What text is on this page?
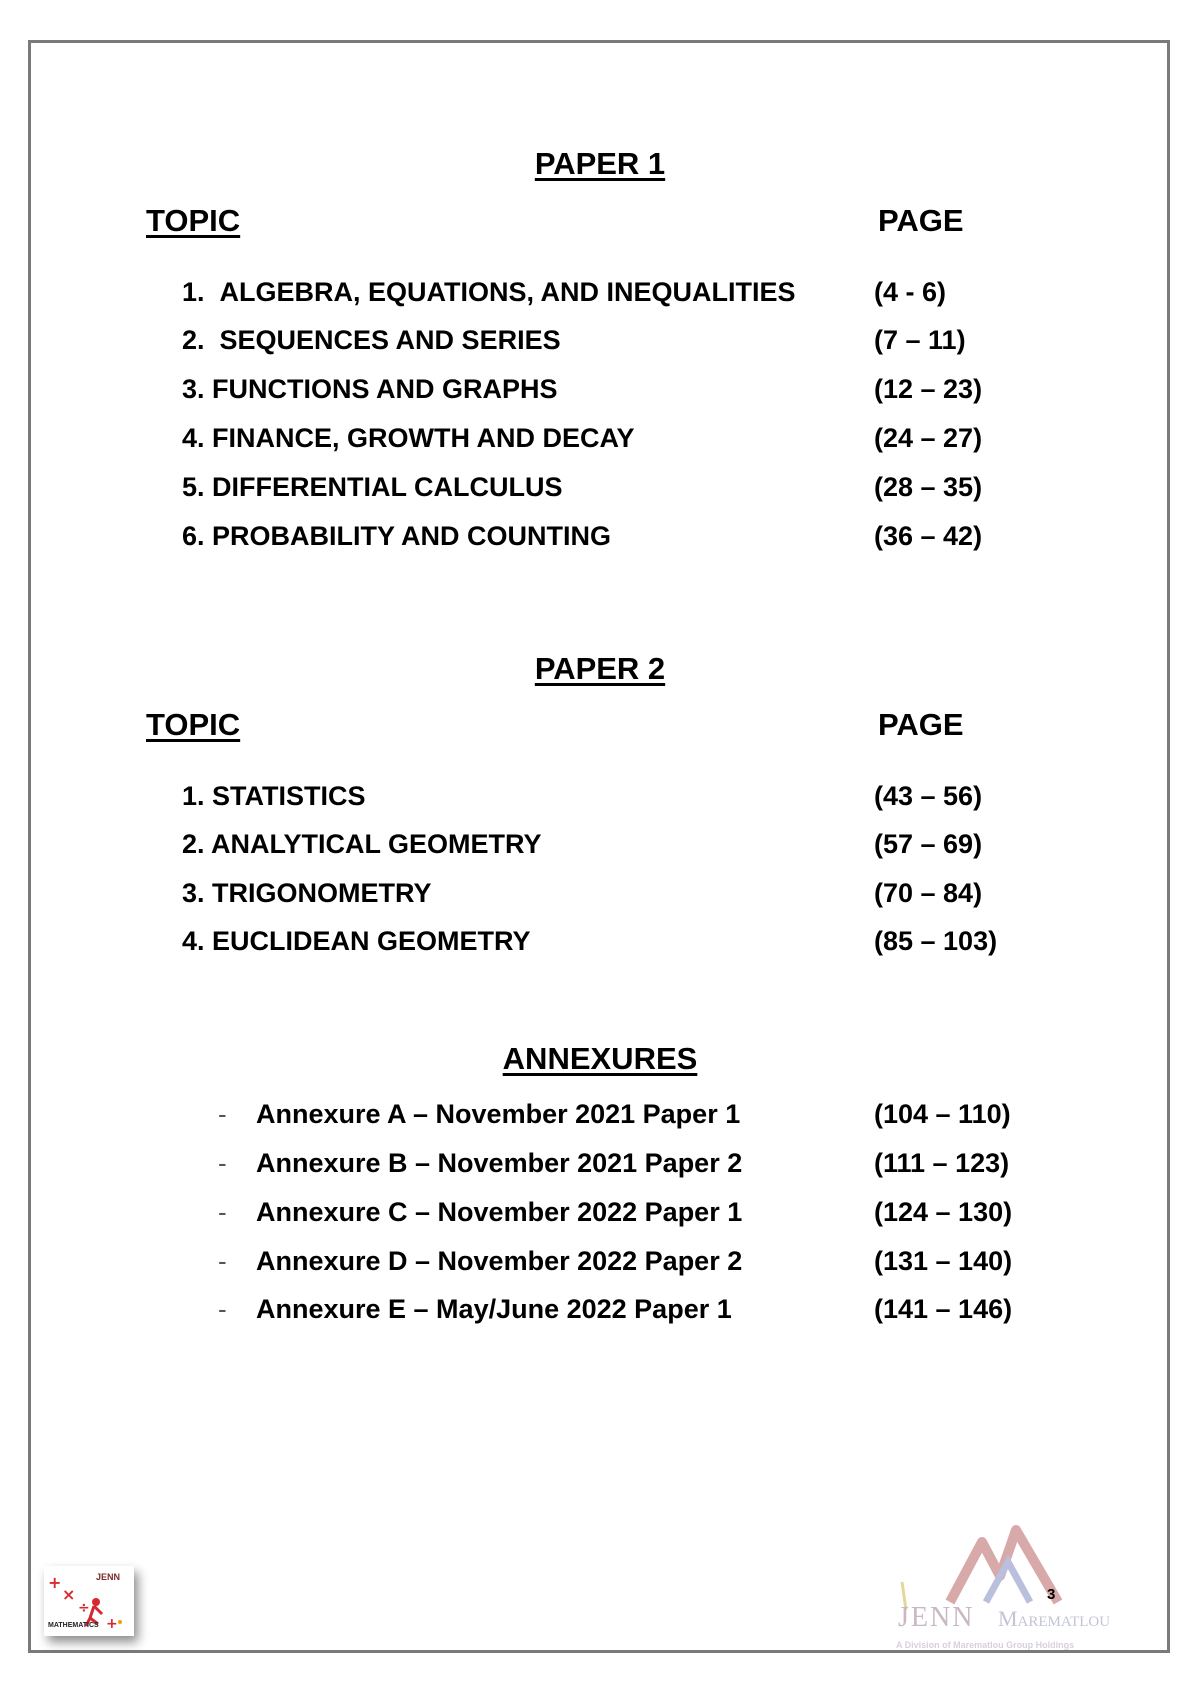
PAPER 1
TOPIC	PAGE
1.  ALGEBRA, EQUATIONS, AND INEQUALITIES	(4 - 6)
2.  SEQUENCES AND SERIES	(7 – 11)
3. FUNCTIONS AND GRAPHS	(12 – 23)
4. FINANCE, GROWTH AND DECAY	(24 – 27)
5. DIFFERENTIAL CALCULUS	(28 – 35)
6. PROBABILITY AND COUNTING	(36 – 42)
PAPER 2
TOPIC	PAGE
1. STATISTICS	(43 – 56)
2. ANALYTICAL GEOMETRY	(57 – 69)
3. TRIGONOMETRY	(70 – 84)
4. EUCLIDEAN GEOMETRY	(85 – 103)
ANNEXURES
- Annexure A – November 2021 Paper 1	(104 – 110)
- Annexure B – November 2021 Paper 2	(111 – 123)
- Annexure C – November 2022 Paper 1	(124 – 130)
- Annexure D – November 2022 Paper 2	(131 – 140)
- Annexure E – May/June 2022 Paper 1	(141 – 146)
+
×
÷
+
JENN
MATHEMATICS	JENN Marematlou
A Division of Marematlou Group Holdings
3
